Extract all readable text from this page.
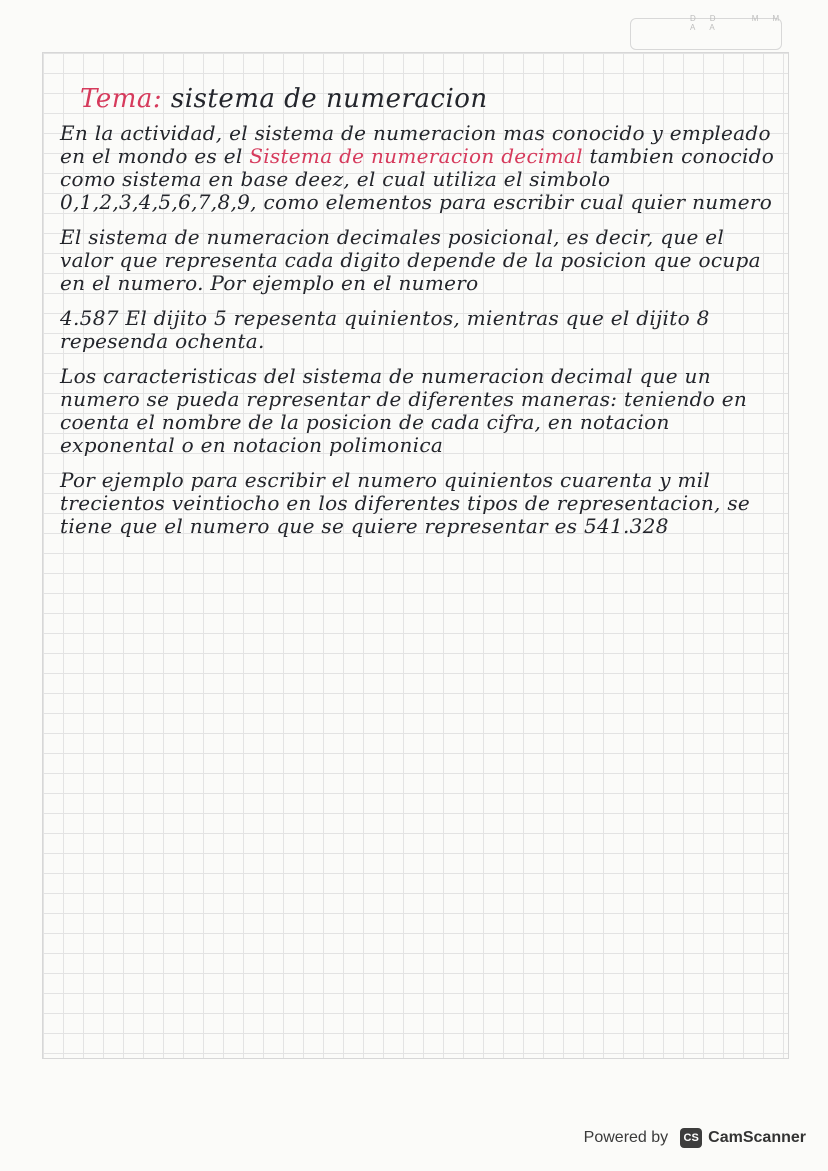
DD	MM AA
Tema: sistema de numeracion
En la actividad, el sistema de numeracion mas conocido y empleado en el mondo es el Sistema de numeracion decimal tambien conocido como sistema en base deez, el cual utiliza el simbolo 0,1,2,3,4,5,6,7,8,9, como elementos para escribir cual quier numero
El sistema de numeracion decimales posicional, es decir, que el valor que representa cada digito depende de la posicion que ocupa en el numero. Por ejemplo en el numero
4.587 El dijito 5 repesenta quinientos, mientras que el dijito 8 repesenda ochenta.
Los caracteristicas del sistema de numeracion decimal que un numero se pueda representar de diferentes maneras: teniendo en coenta el nombre de la posicion de cada cifra, en notacion exponental o en notacion polimonica
Por ejemplo para escribir el numero quinientos cuarenta y mil trecientos veintiocho en los diferentes tipos de representacion, se tiene que el numero que se quiere representar es 541.328
Powered by	CS CamScanner
